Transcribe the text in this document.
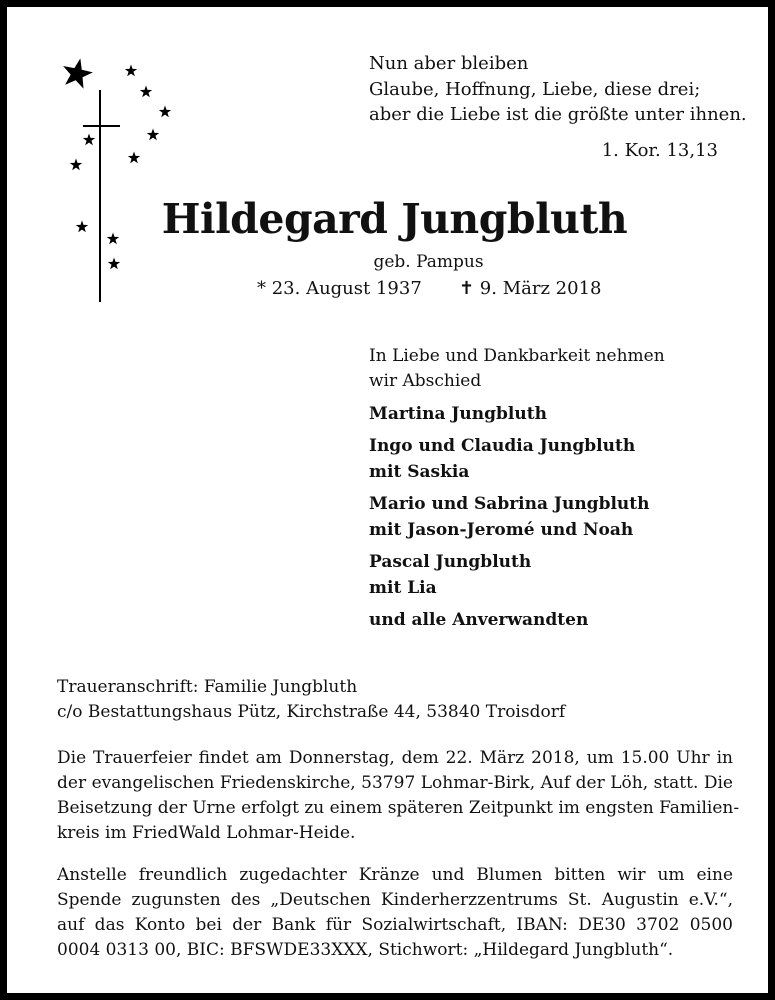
Nun aber bleiben
Glaube, Hoffnung, Liebe, diese drei;
aber die Liebe ist die größte unter ihnen.
1. Kor. 13,13
Hildegard Jungbluth
geb. Pampus
* 23. August 1937 ✝ 9. März 2018
In Liebe und Dankbarkeit nehmen
wir Abschied
Martina Jungbluth
Ingo und Claudia Jungbluth
mit Saskia
Mario und Sabrina Jungbluth
mit Jason-Jeromé und Noah
Pascal Jungbluth
mit Lia
und alle Anverwandten
Traueranschrift: Familie Jungbluth
c/o Bestattungshaus Pütz, Kirchstraße 44, 53840 Troisdorf
Die Trauerfeier findet am Donnerstag, dem 22. März 2018, um 15.00 Uhr in
der evangelischen Friedenskirche, 53797 Lohmar-Birk, Auf der Löh, statt. Die
Beisetzung der Urne erfolgt zu einem späteren Zeitpunkt im engsten Familien-
kreis im FriedWald Lohmar-Heide.
Anstelle freundlich zugedachter Kränze und Blumen bitten wir um eine
Spende zugunsten des „Deutschen Kinderherzzentrums St. Augustin e.V.“,
auf das Konto bei der Bank für Sozialwirtschaft, IBAN: DE30 3702 0500
0004 0313 00, BIC: BFSWDE33XXX, Stichwort: „Hildegard Jungbluth“.
